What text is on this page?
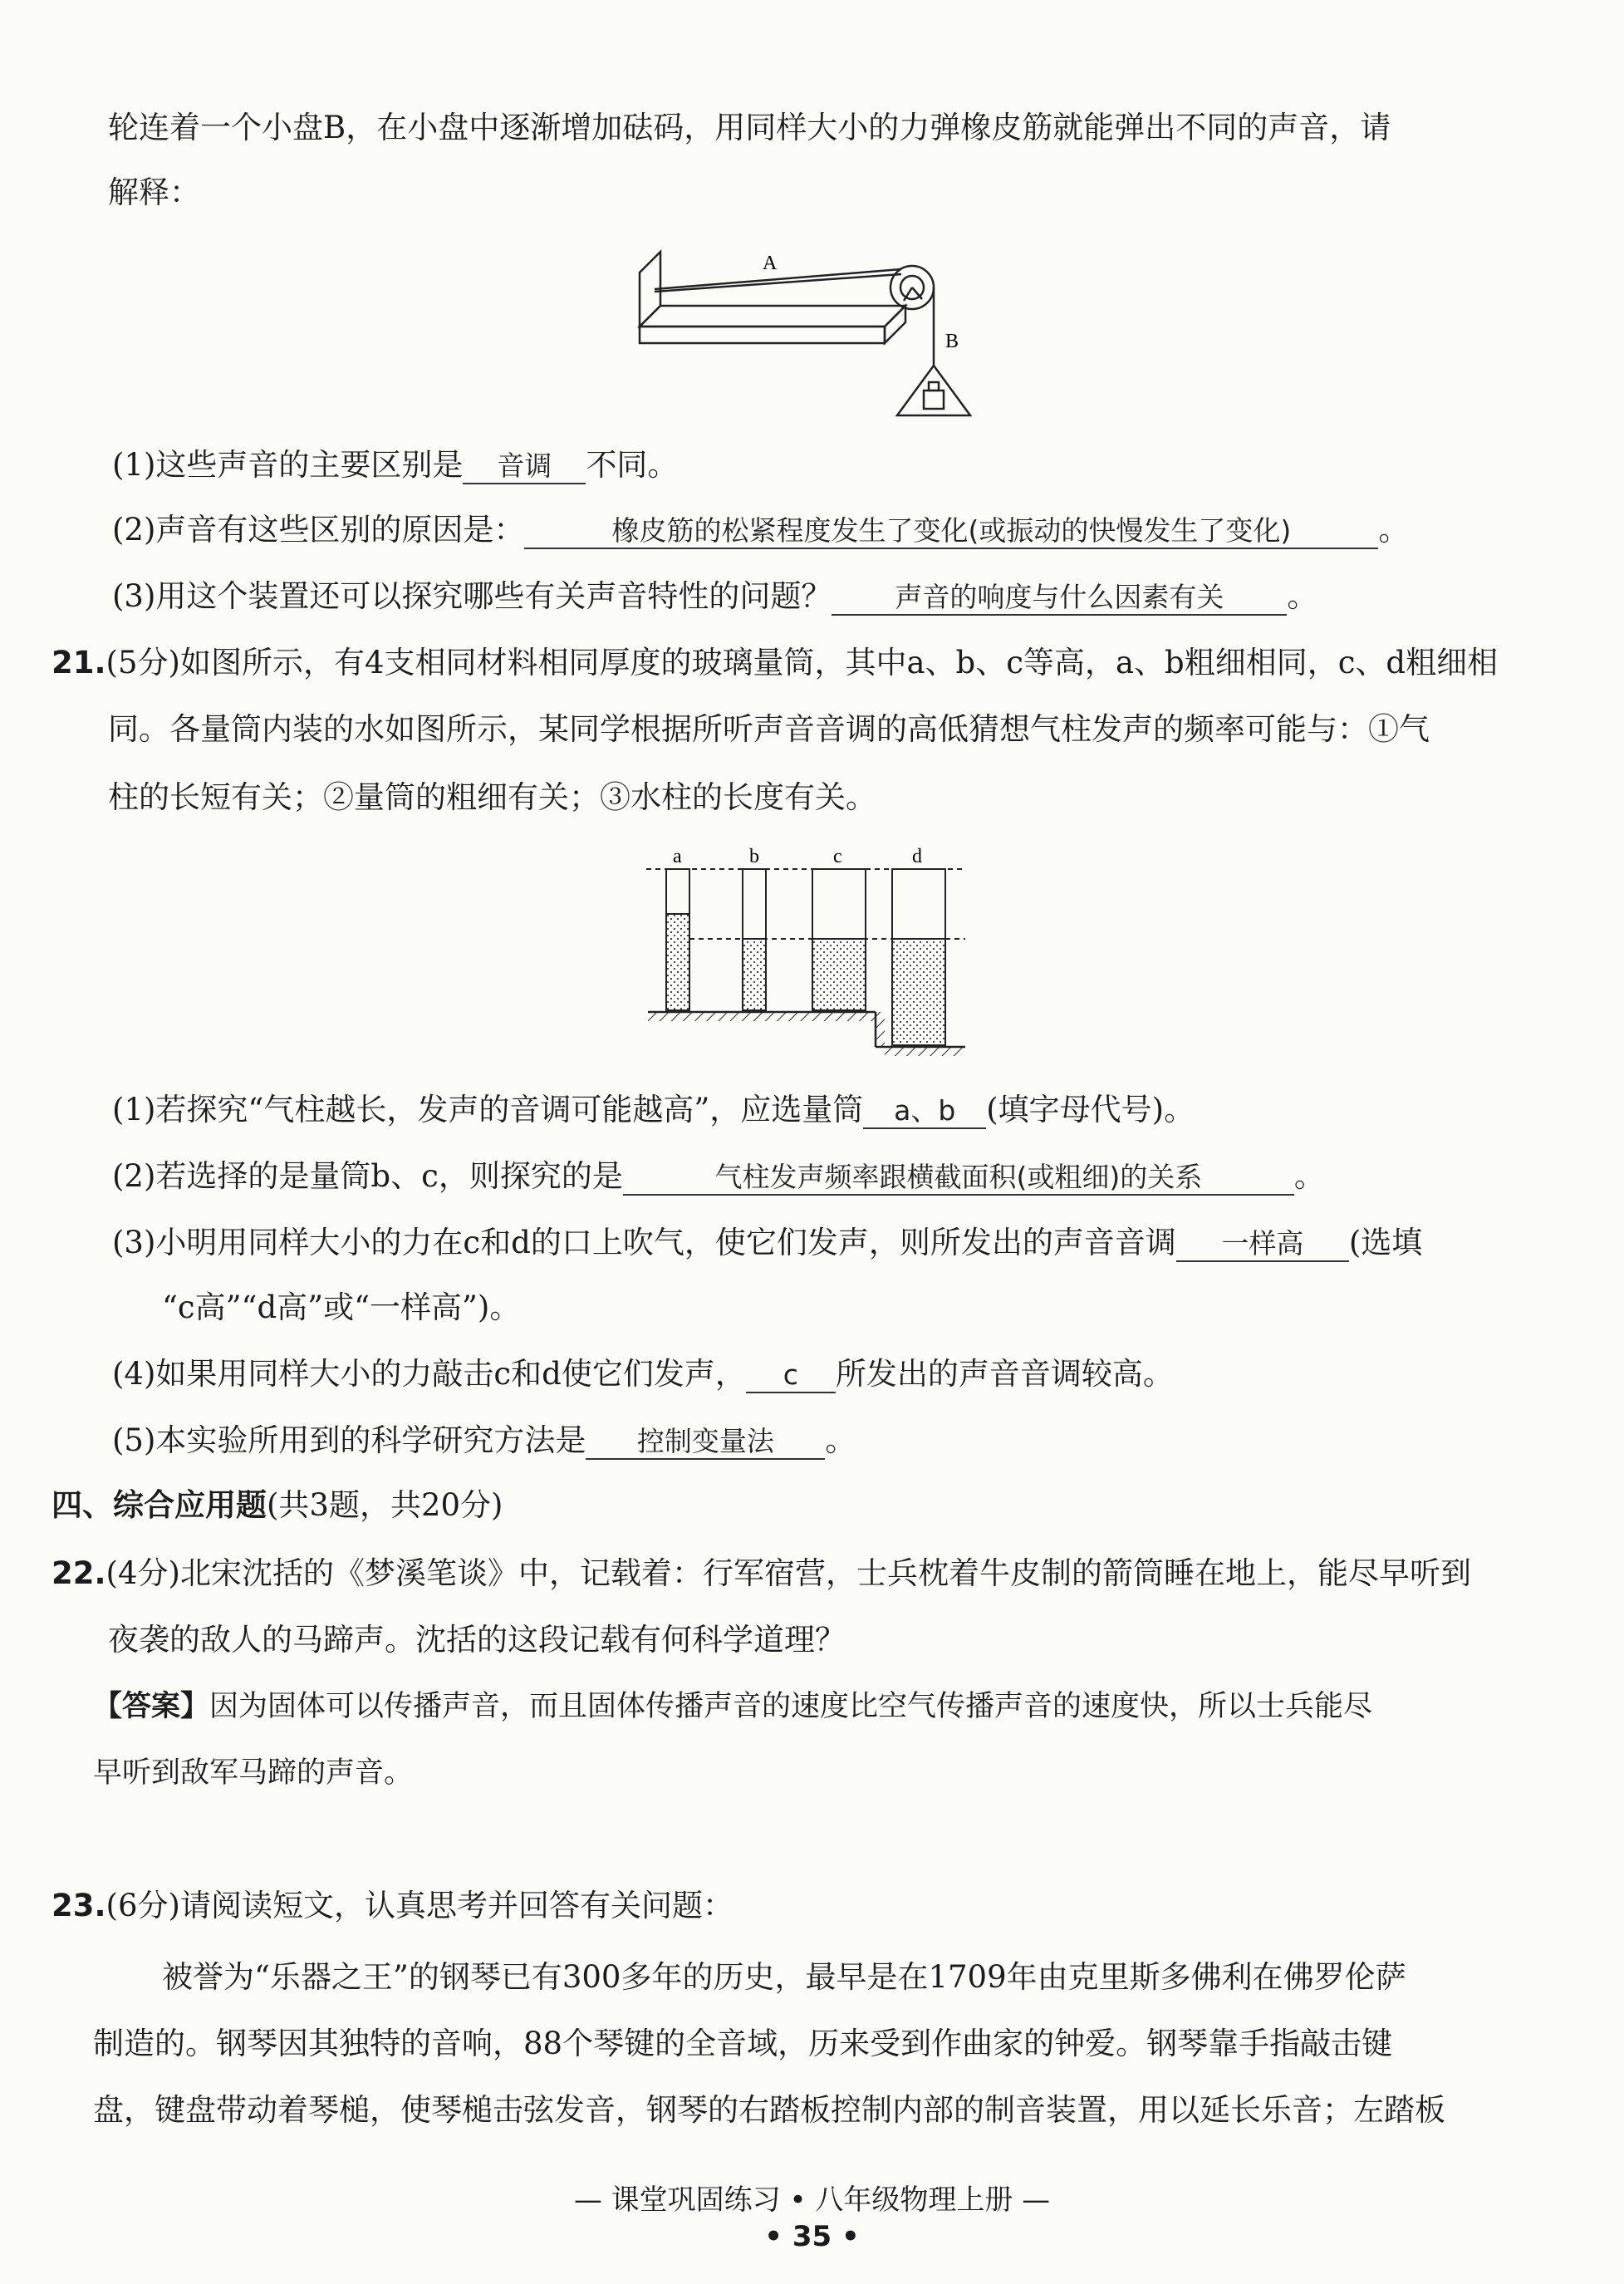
轮连着一个小盘B，在小盘中逐渐增加砝码，用同样大小的力弹橡皮筋就能弹出不同的声音，请
解释：
A
B
(1)这些声音的主要区别是 音调 不同。
(2)声音有这些区别的原因是：	橡皮筋的松紧程度发生了变化(或振动的快慢发生了变化)	。
(3)用这个装置还可以探究哪些有关声音特性的问题？ 声音的响度与什么因素有关 。
21.(5分)如图所示，有4支相同材料相同厚度的玻璃量筒，其中a、b、c等高，a、b粗细相同，c、d粗细相
同。各量筒内装的水如图所示，某同学根据所听声音音调的高低猜想气柱发声的频率可能与：①气
柱的长短有关；②量筒的粗细有关；③水柱的长度有关。
a	b	c	d
(1)若探究“气柱越长，发声的音调可能越高”，应选量筒 a、b (填字母代号)。
(2)若选择的是量筒b、c，则探究的是	气柱发声频率跟横截面积(或粗细)的关系	。
(3)小明用同样大小的力在c和d的口上吹气，使它们发声，则所发出的声音音调 一样高 (选填
“c高”“d高”或“一样高”)。
(4)如果用同样大小的力敲击c和d使它们发声， c 所发出的声音音调较高。
(5)本实验所用到的科学研究方法是 控制变量法 。
四、综合应用题(共3题，共20分)
22.(4分)北宋沈括的《梦溪笔谈》中，记载着：行军宿营，士兵枕着牛皮制的箭筒睡在地上，能尽早听到
夜袭的敌人的马蹄声。沈括的这段记载有何科学道理？
【答案】因为固体可以传播声音，而且固体传播声音的速度比空气传播声音的速度快，所以士兵能尽
早听到敌军马蹄的声音。
23.(6分)请阅读短文，认真思考并回答有关问题：
被誉为“乐器之王”的钢琴已有300多年的历史，最早是在1709年由克里斯多佛利在佛罗伦萨
制造的。钢琴因其独特的音响，88个琴键的全音域，历来受到作曲家的钟爱。钢琴靠手指敲击键
盘，键盘带动着琴槌，使琴槌击弦发音，钢琴的右踏板控制内部的制音装置，用以延长乐音；左踏板
— 课堂巩固练习 • 八年级物理上册 —
• 35 •
